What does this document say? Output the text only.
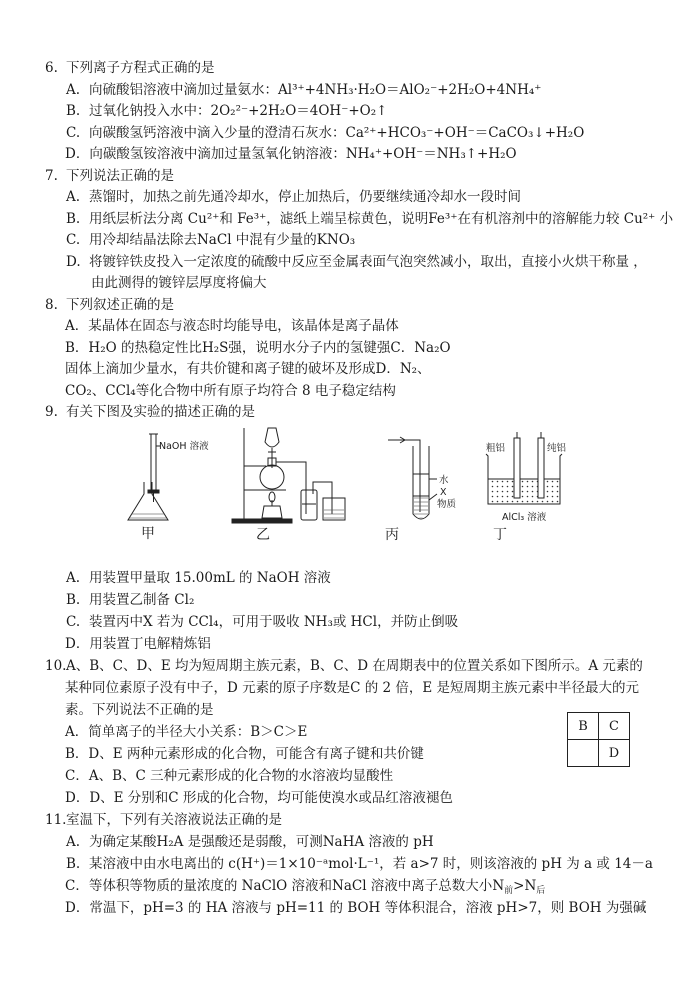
6. 下列离子方程式正确的是
A. 向硫酸铝溶液中滴加过量氨水：Al³⁺+4NH₃·H₂O＝AlO₂⁻+2H₂O+4NH₄⁺
B. 过氧化钠投入水中：2O₂²⁻+2H₂O＝4OH⁻+O₂↑
C. 向碳酸氢钙溶液中滴入少量的澄清石灰水：Ca²⁺+HCO₃⁻+OH⁻＝CaCO₃↓+H₂O
D．向碳酸氢铵溶液中滴加过量氢氧化钠溶液：NH₄⁺+OH⁻＝NH₃↑+H₂O
7. 下列说法正确的是
A. 蒸馏时，加热之前先通冷却水，停止加热后，仍要继续通冷却水一段时间
B. 用纸层析法分离 Cu²⁺和 Fe³⁺，滤纸上端呈棕黄色，说明Fe³⁺在有机溶剂中的溶解能力较 Cu²⁺ 小
C. 用冷却结晶法除去NaCl 中混有少量的KNO₃
D. 将镀锌铁皮投入一定浓度的硫酸中反应至金属表面气泡突然减小，取出，直接小火烘干称量 ，
由此测得的镀锌层厚度将偏大
8. 下列叙述正确的是
A．某晶体在固态与液态时均能导电，该晶体是离子晶体
B．H₂O 的热稳定性比H₂S强，说明水分子内的氢键强C．Na₂O
固体上滴加少量水，有共价键和离子键的破坏及形成D．N₂、
CO₂、CCl₄等化合物中所有原子均符合 8 电子稳定结构
9. 有关下图及实验的描述正确的是
NaOH 溶液
水
X
物质
粗铝	纯铝
AlCl₃ 溶液
甲	乙	丙	丁
A. 用装置甲量取 15.00mL 的 NaOH 溶液
B. 用装置乙制备 Cl₂
C. 装置丙中X 若为 CCl₄，可用于吸收 NH₃或 HCl，并防止倒吸
D．用装置丁电解精炼铝
10.A、B、C、D、E 均为短周期主族元素，B、C、D 在周期表中的位置关系如下图所示。A 元素的
某种同位素原子没有中子，D 元素的原子序数是C 的 2 倍，E 是短周期主族元素中半径最大的元
素。下列说法不正确的是
A．简单离子的半径大小关系：B＞C＞E
B．D、E 两种元素形成的化合物，可能含有离子键和共价键
C．A、B、C 三种元素形成的化合物的水溶液均显酸性
D．D、E 分别和C 形成的化合物，均可能使溴水或品红溶液褪色
B	C
	D
11.室温下，下列有关溶液说法正确的是
A. 为确定某酸H₂A 是强酸还是弱酸，可测NaHA 溶液的 pH
B. 某溶液中由水电离出的 c(H⁺)＝1×10⁻ᵃmol·L⁻¹，若 a>7 时，则该溶液的 pH 为 a 或 14－a
C．等体积等物质的量浓度的 NaClO 溶液和NaCl 溶液中离子总数大小$N_前>N_后$
D．常温下，pH=3 的 HA 溶液与 pH=11 的 BOH 等体积混合，溶液 pH>7，则 BOH 为强碱
